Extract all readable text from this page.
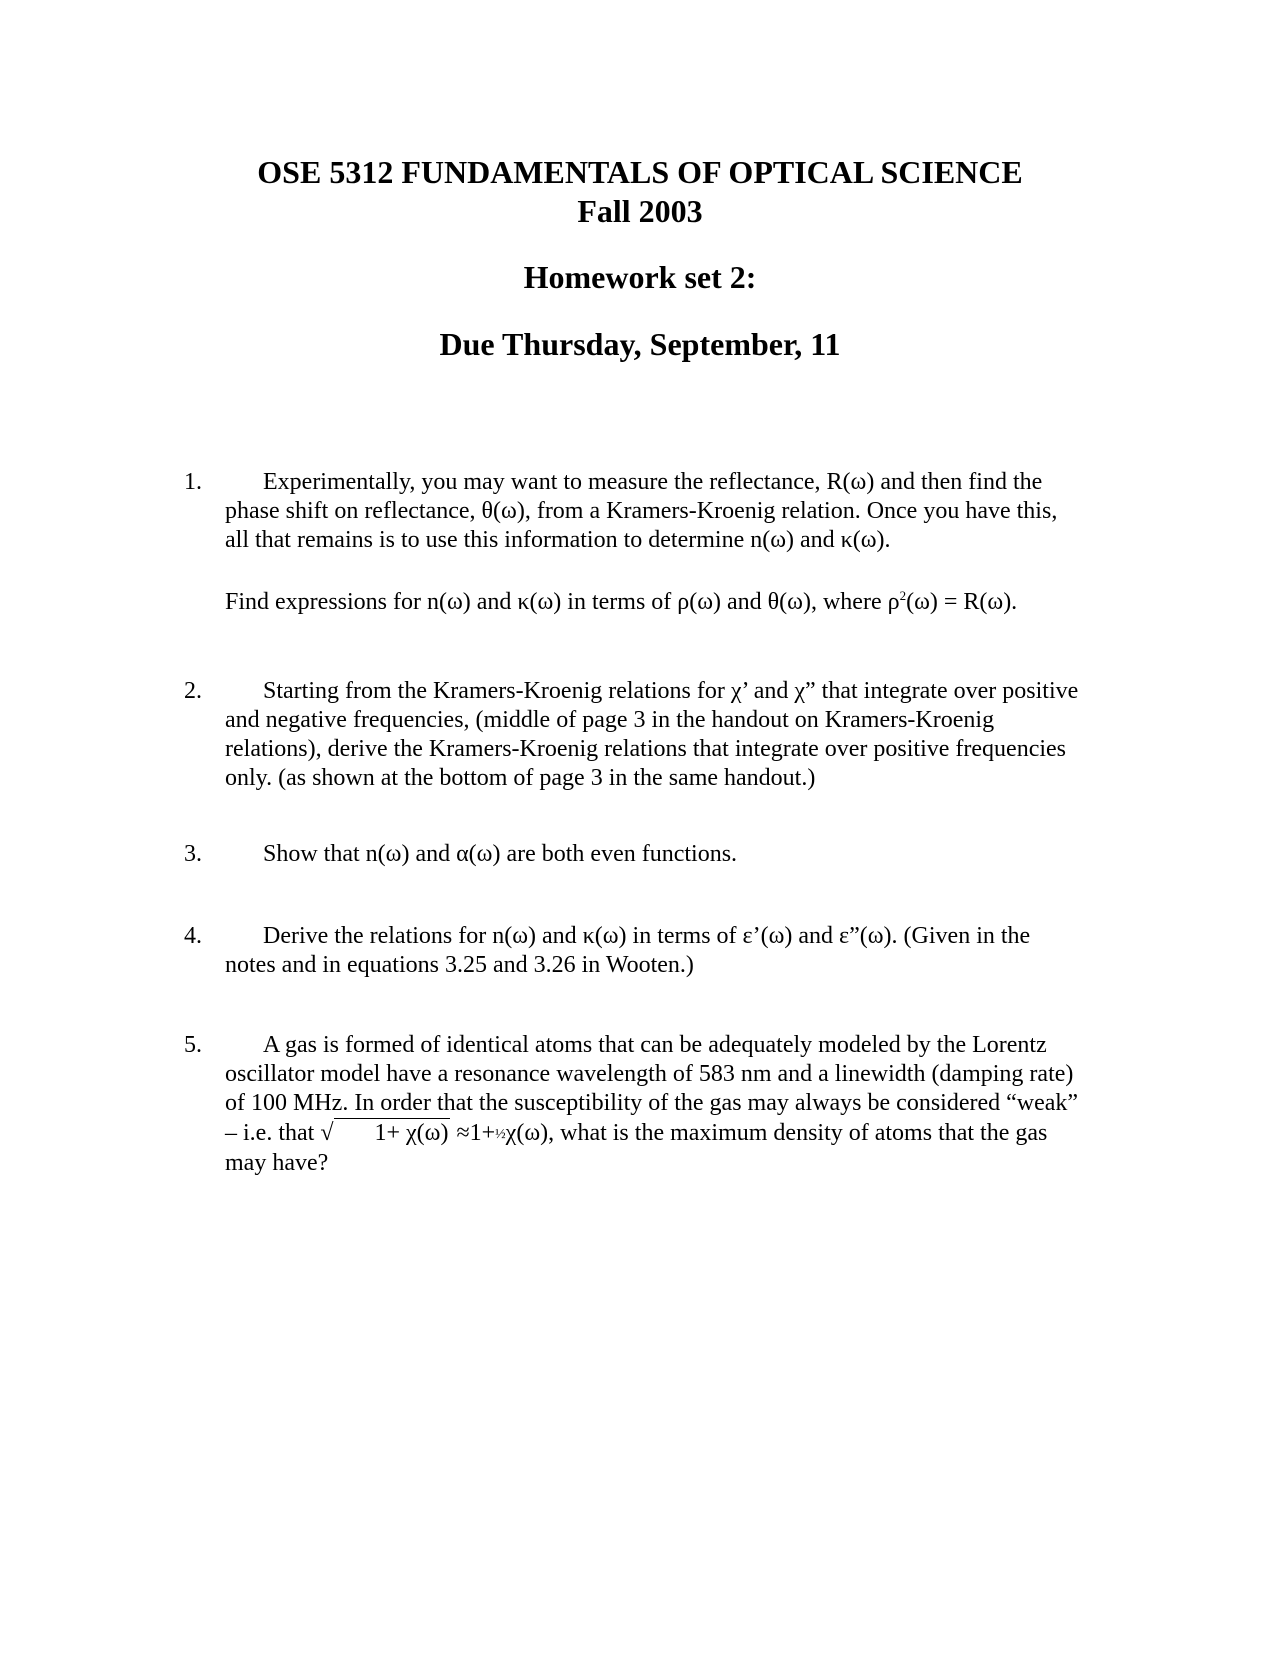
OSE 5312 FUNDAMENTALS OF OPTICAL SCIENCE
Fall 2003
Homework set 2:
Due Thursday, September, 11
1.	Experimentally, you may want to measure the reflectance, R(ω) and then find the phase shift on reflectance, θ(ω), from a Kramers-Kroenig relation. Once you have this, all that remains is to use this information to determine n(ω) and κ(ω).
Find expressions for n(ω) and κ(ω) in terms of ρ(ω) and θ(ω), where $\rho^2(\omega) = R(\omega)$.
2.	Starting from the Kramers-Kroenig relations for χ’ and χ” that integrate over positive and negative frequencies, (middle of page 3 in the handout on Kramers-Kroenig relations), derive the Kramers-Kroenig relations that integrate over positive frequencies only. (as shown at the bottom of page 3 in the same handout.)
3.	Show that n(ω) and α(ω) are both even functions.
4.	Derive the relations for n(ω) and κ(ω) in terms of ε’(ω) and ε”(ω). (Given in the notes and in equations 3.25 and 3.26 in Wooten.)
5.	A gas is formed of identical atoms that can be adequately modeled by the Lorentz oscillator model have a resonance wavelength of 583 nm and a linewidth (damping rate) of 100 MHz. In order that the susceptibility of the gas may always be considered “weak” – i.e. that √ 1+ χ(ω) ≈1+½χ(ω), what is the maximum density of atoms that the gas may have?
